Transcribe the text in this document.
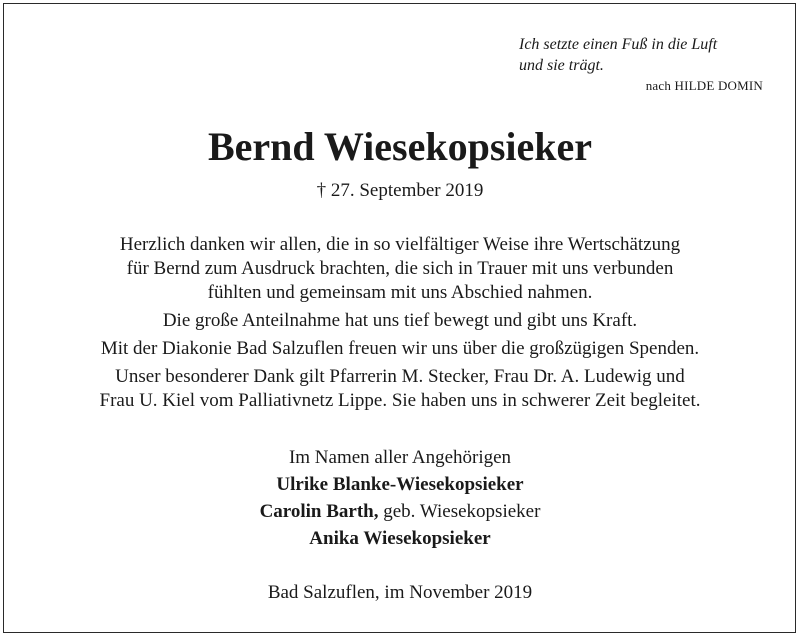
Ich setzte einen Fuß in die Luft
und sie trägt.
nach HILDE DOMIN
Bernd Wiesekopsieker
† 27. September 2019

Herzlich danken wir allen, die in so vielfältiger Weise ihre Wertschätzung
für Bernd zum Ausdruck brachten, die sich in Trauer mit uns verbunden
fühlten und gemeinsam mit uns Abschied nahmen.

Die große Anteilnahme hat uns tief bewegt und gibt uns Kraft.

Mit der Diakonie Bad Salzuflen freuen wir uns über die großzügigen Spenden.

Unser besonderer Dank gilt Pfarrerin M. Stecker, Frau Dr. A. Ludewig und
Frau U. Kiel vom Palliativnetz Lippe. Sie haben uns in schwerer Zeit begleitet.

Im Namen aller Angehörigen
Ulrike Blanke-Wiesekopsieker
Carolin Barth, geb. Wiesekopsieker
Anika Wiesekopsieker
Bad Salzuflen, im November 2019
